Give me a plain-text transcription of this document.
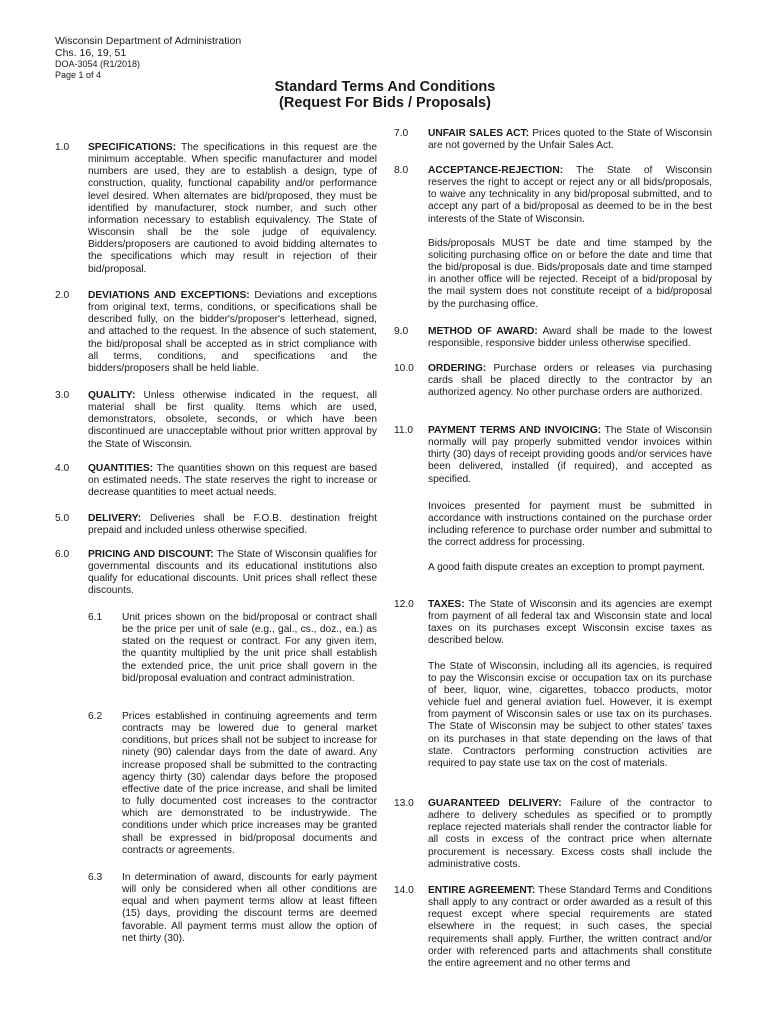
Wisconsin Department of Administration
Chs. 16, 19, 51
DOA-3054 (R1/2018)
Page 1 of 4
Standard Terms And Conditions
(Request For Bids / Proposals)
1.0 SPECIFICATIONS: The specifications in this request are the minimum acceptable. When specific manufacturer and model numbers are used, they are to establish a design, type of construction, quality, functional capability and/or performance level desired. When alternates are bid/proposed, they must be identified by manufacturer, stock number, and such other information necessary to establish equivalency. The State of Wisconsin shall be the sole judge of equivalency. Bidders/proposers are cautioned to avoid bidding alternates to the specifications which may result in rejection of their bid/proposal.

2.0 DEVIATIONS AND EXCEPTIONS: Deviations and exceptions from original text, terms, conditions, or specifications shall be described fully, on the bidder's/proposer's letterhead, signed, and attached to the request. In the absence of such statement, the bid/proposal shall be accepted as in strict compliance with all terms, conditions, and specifications and the bidders/proposers shall be held liable.

3.0 QUALITY: Unless otherwise indicated in the request, all material shall be first quality. Items which are used, demonstrators, obsolete, seconds, or which have been discontinued are unacceptable without prior written approval by the State of Wisconsin.

4.0 QUANTITIES: The quantities shown on this request are based on estimated needs. The state reserves the right to increase or decrease quantities to meet actual needs.

5.0 DELIVERY: Deliveries shall be F.O.B. destination freight prepaid and included unless otherwise specified.

6.0 PRICING AND DISCOUNT: The State of Wisconsin qualifies for governmental discounts and its educational institutions also qualify for educational discounts. Unit prices shall reflect these discounts.

6.1 Unit prices shown on the bid/proposal or contract shall be the price per unit of sale (e.g., gal., cs., doz., ea.) as stated on the request or contract. For any given item, the quantity multiplied by the unit price shall establish the extended price, the unit price shall govern in the bid/proposal evaluation and contract administration.

6.2 Prices established in continuing agreements and term contracts may be lowered due to general market conditions, but prices shall not be subject to increase for ninety (90) calendar days from the date of award. Any increase proposed shall be submitted to the contracting agency thirty (30) calendar days before the proposed effective date of the price increase, and shall be limited to fully documented cost increases to the contractor which are demonstrated to be industrywide. The conditions under which price increases may be granted shall be expressed in bid/proposal documents and contracts or agreements.

6.3 In determination of award, discounts for early payment will only be considered when all other conditions are equal and when payment terms allow at least fifteen (15) days, providing the discount terms are deemed favorable. All payment terms must allow the option of net thirty (30).

7.0 UNFAIR SALES ACT: Prices quoted to the State of Wisconsin are not governed by the Unfair Sales Act.

8.0 ACCEPTANCE-REJECTION: The State of Wisconsin reserves the right to accept or reject any or all bids/proposals, to waive any technicality in any bid/proposal submitted, and to accept any part of a bid/proposal as deemed to be in the best interests of the State of Wisconsin.

Bids/proposals MUST be date and time stamped by the soliciting purchasing office on or before the date and time that the bid/proposal is due. Bids/proposals date and time stamped in another office will be rejected. Receipt of a bid/proposal by the mail system does not constitute receipt of a bid/proposal by the purchasing office.

9.0 METHOD OF AWARD: Award shall be made to the lowest responsible, responsive bidder unless otherwise specified.

10.0 ORDERING: Purchase orders or releases via purchasing cards shall be placed directly to the contractor by an authorized agency. No other purchase orders are authorized.

11.0 PAYMENT TERMS AND INVOICING: The State of Wisconsin normally will pay properly submitted vendor invoices within thirty (30) days of receipt providing goods and/or services have been delivered, installed (if required), and accepted as specified.

Invoices presented for payment must be submitted in accordance with instructions contained on the purchase order including reference to purchase order number and submittal to the correct address for processing.

A good faith dispute creates an exception to prompt payment.

12.0 TAXES: The State of Wisconsin and its agencies are exempt from payment of all federal tax and Wisconsin state and local taxes on its purchases except Wisconsin excise taxes as described below.

The State of Wisconsin, including all its agencies, is required to pay the Wisconsin excise or occupation tax on its purchase of beer, liquor, wine, cigarettes, tobacco products, motor vehicle fuel and general aviation fuel. However, it is exempt from payment of Wisconsin sales or use tax on its purchases. The State of Wisconsin may be subject to other states' taxes on its purchases in that state depending on the laws of that state. Contractors performing construction activities are required to pay state use tax on the cost of materials.

13.0 GUARANTEED DELIVERY: Failure of the contractor to adhere to delivery schedules as specified or to promptly replace rejected materials shall render the contractor liable for all costs in excess of the contract price when alternate procurement is necessary. Excess costs shall include the administrative costs.

14.0 ENTIRE AGREEMENT: These Standard Terms and Conditions shall apply to any contract or order awarded as a result of this request except where special requirements are stated elsewhere in the request; in such cases, the special requirements shall apply. Further, the written contract and/or order with referenced parts and attachments shall constitute the entire agreement and no other terms and
